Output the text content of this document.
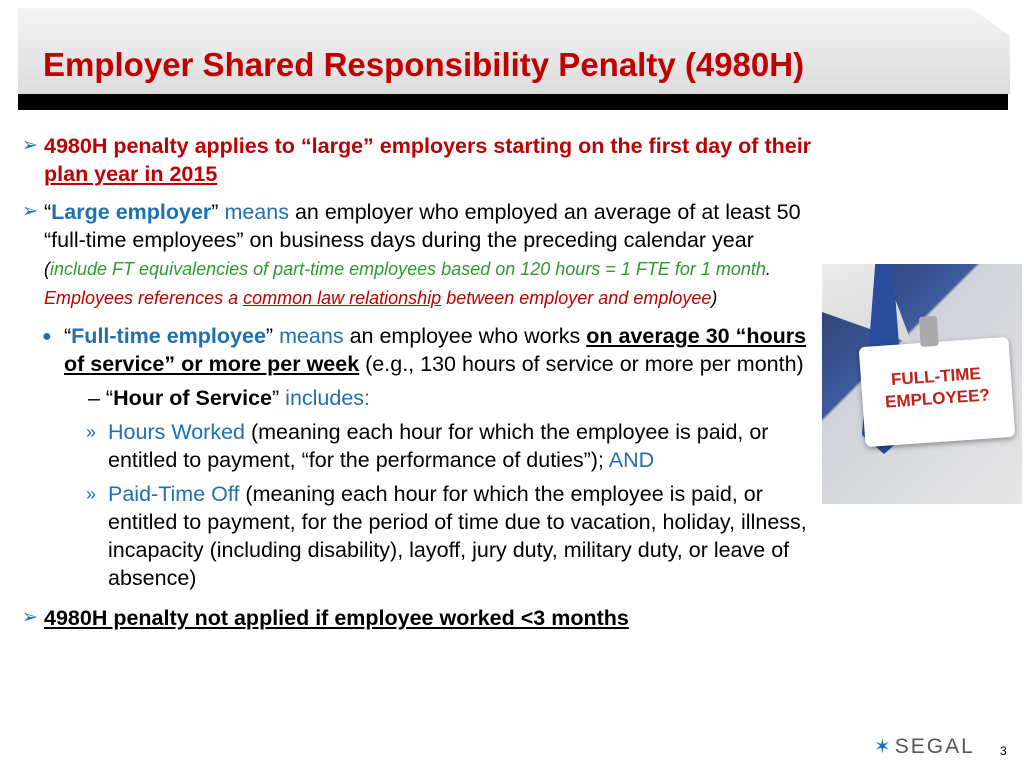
Employer Shared Responsibility Penalty (4980H)
➢ 4980H penalty applies to “large” employers starting on the first day of their plan year in 2015
➢ “Large employer” means an employer who employed an average of at least 50 “full-time employees” on business days during the preceding calendar year (include FT equivalencies of part-time employees based on 120 hours = 1 FTE for 1 month. Employees references a common law relationship between employer and employee)
● “Full-time employee” means an employee who works on average 30 “hours of service” or more per week (e.g., 130 hours of service or more per month)
– “Hour of Service” includes:
» Hours Worked (meaning each hour for which the employee is paid, or entitled to payment, “for the performance of duties”); AND
» Paid-Time Off (meaning each hour for which the employee is paid, or entitled to payment, for the period of time due to vacation, holiday, illness, incapacity (including disability), layoff, jury duty, military duty, or leave of absence)
➢ 4980H penalty not applied if employee worked <3 months
FULL-TIME
EMPLOYEE?
✶SEGAL 3
